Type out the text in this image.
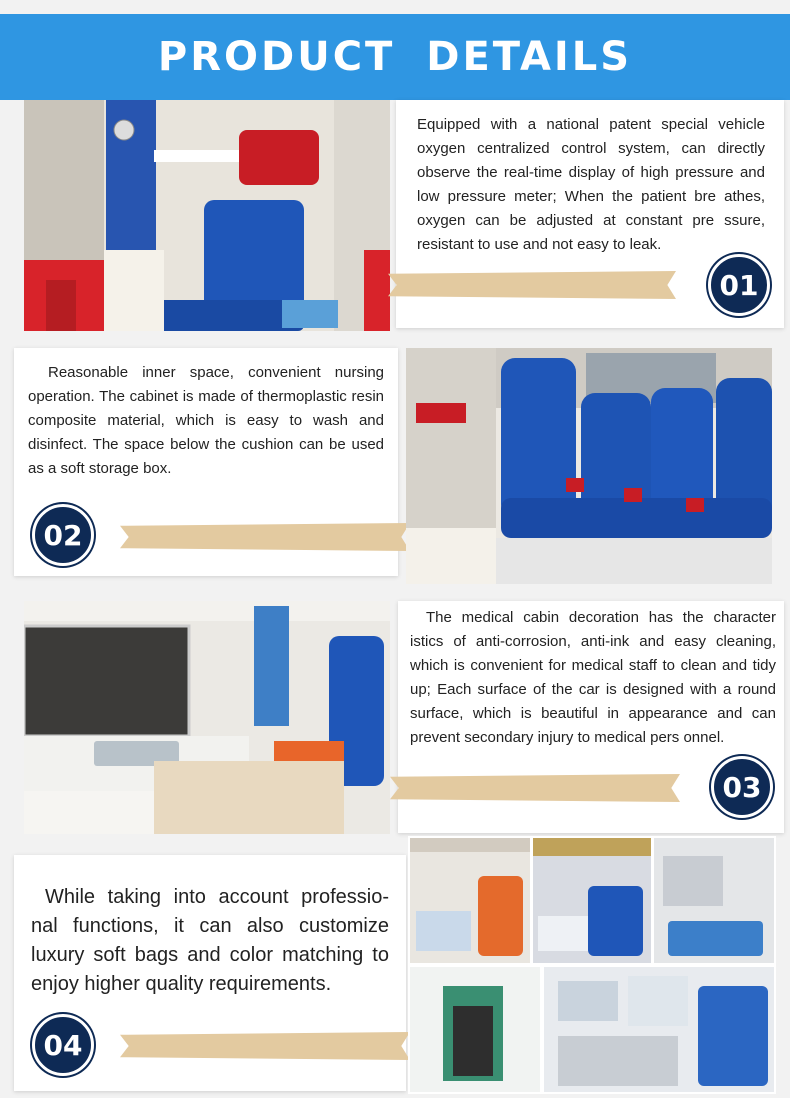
PRODUCT DETAILS
Equipped with a national patent special vehicle oxygen centralized control system, can directly observe the real-time display of high pressure and low pressure meter; When the patient bre athes, oxygen can be adjusted at constant pre ssure, resistant to use and not easy to leak.
01
Reasonable inner space, convenient nursing operation. The cabinet is made of thermoplastic resin composite material, which is easy to wash and disinfect. The space below the cushion can be used as a soft storage box.
02
The medical cabin decoration has the character istics of anti-corrosion, anti-ink and easy cleaning, which is convenient for medical staff to clean and tidy up; Each surface of the car is designed with a round surface, which is beautiful in appearance and can prevent secondary injury to medical pers onnel.
03
While taking into account professio- nal functions, it can also customize luxury soft bags and color matching to enjoy higher quality requirements.
04
